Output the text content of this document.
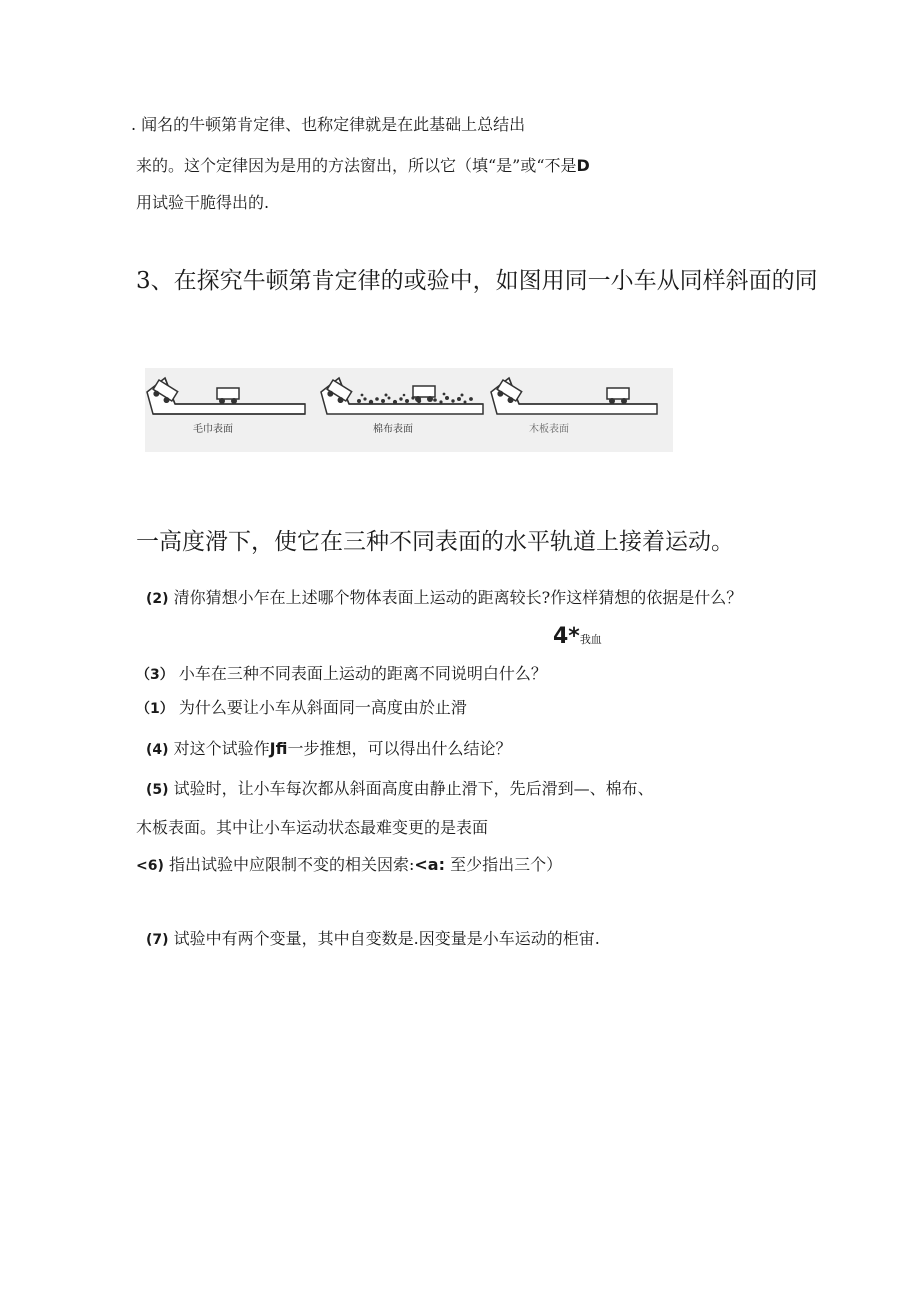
. 闻名的牛顿第肯定律、也称定律就是在此基础上总结出
来的。这个定律因为是用的方法窗出，所以它（填“是”或“不是D
用试验干脆得出的.
3、在探究牛顿第肯定律的或验中，如图用同一小车从同样斜面的同
毛巾表面	棉布表面	木板表面
一高度滑下，使它在三种不同表面的水平轨道上接着运动。
(2) 清你猜想小乍在上述哪个物体表面上运动的距离较长?作这样猜想的依据是什么？
4*我血
（3） 小车在三种不同表面上运动的距离不同说明白什么？
（1） 为什么要让小车从斜面同一高度由於止滑
(4) 对这个试验作Jfi一步推想，可以得出什么结论？
(5) 试验时，让小车每次都从斜面高度由静止滑下，先后滑到—、棉布、
木板表面。其中让小车运动状态最难变更的是表面
<6) 指出试验中应限制不变的相关因索:<a: 至少指出三个）
(7) 试验中有两个变量，其中自变数是.因变量是小车运动的柜宙.
